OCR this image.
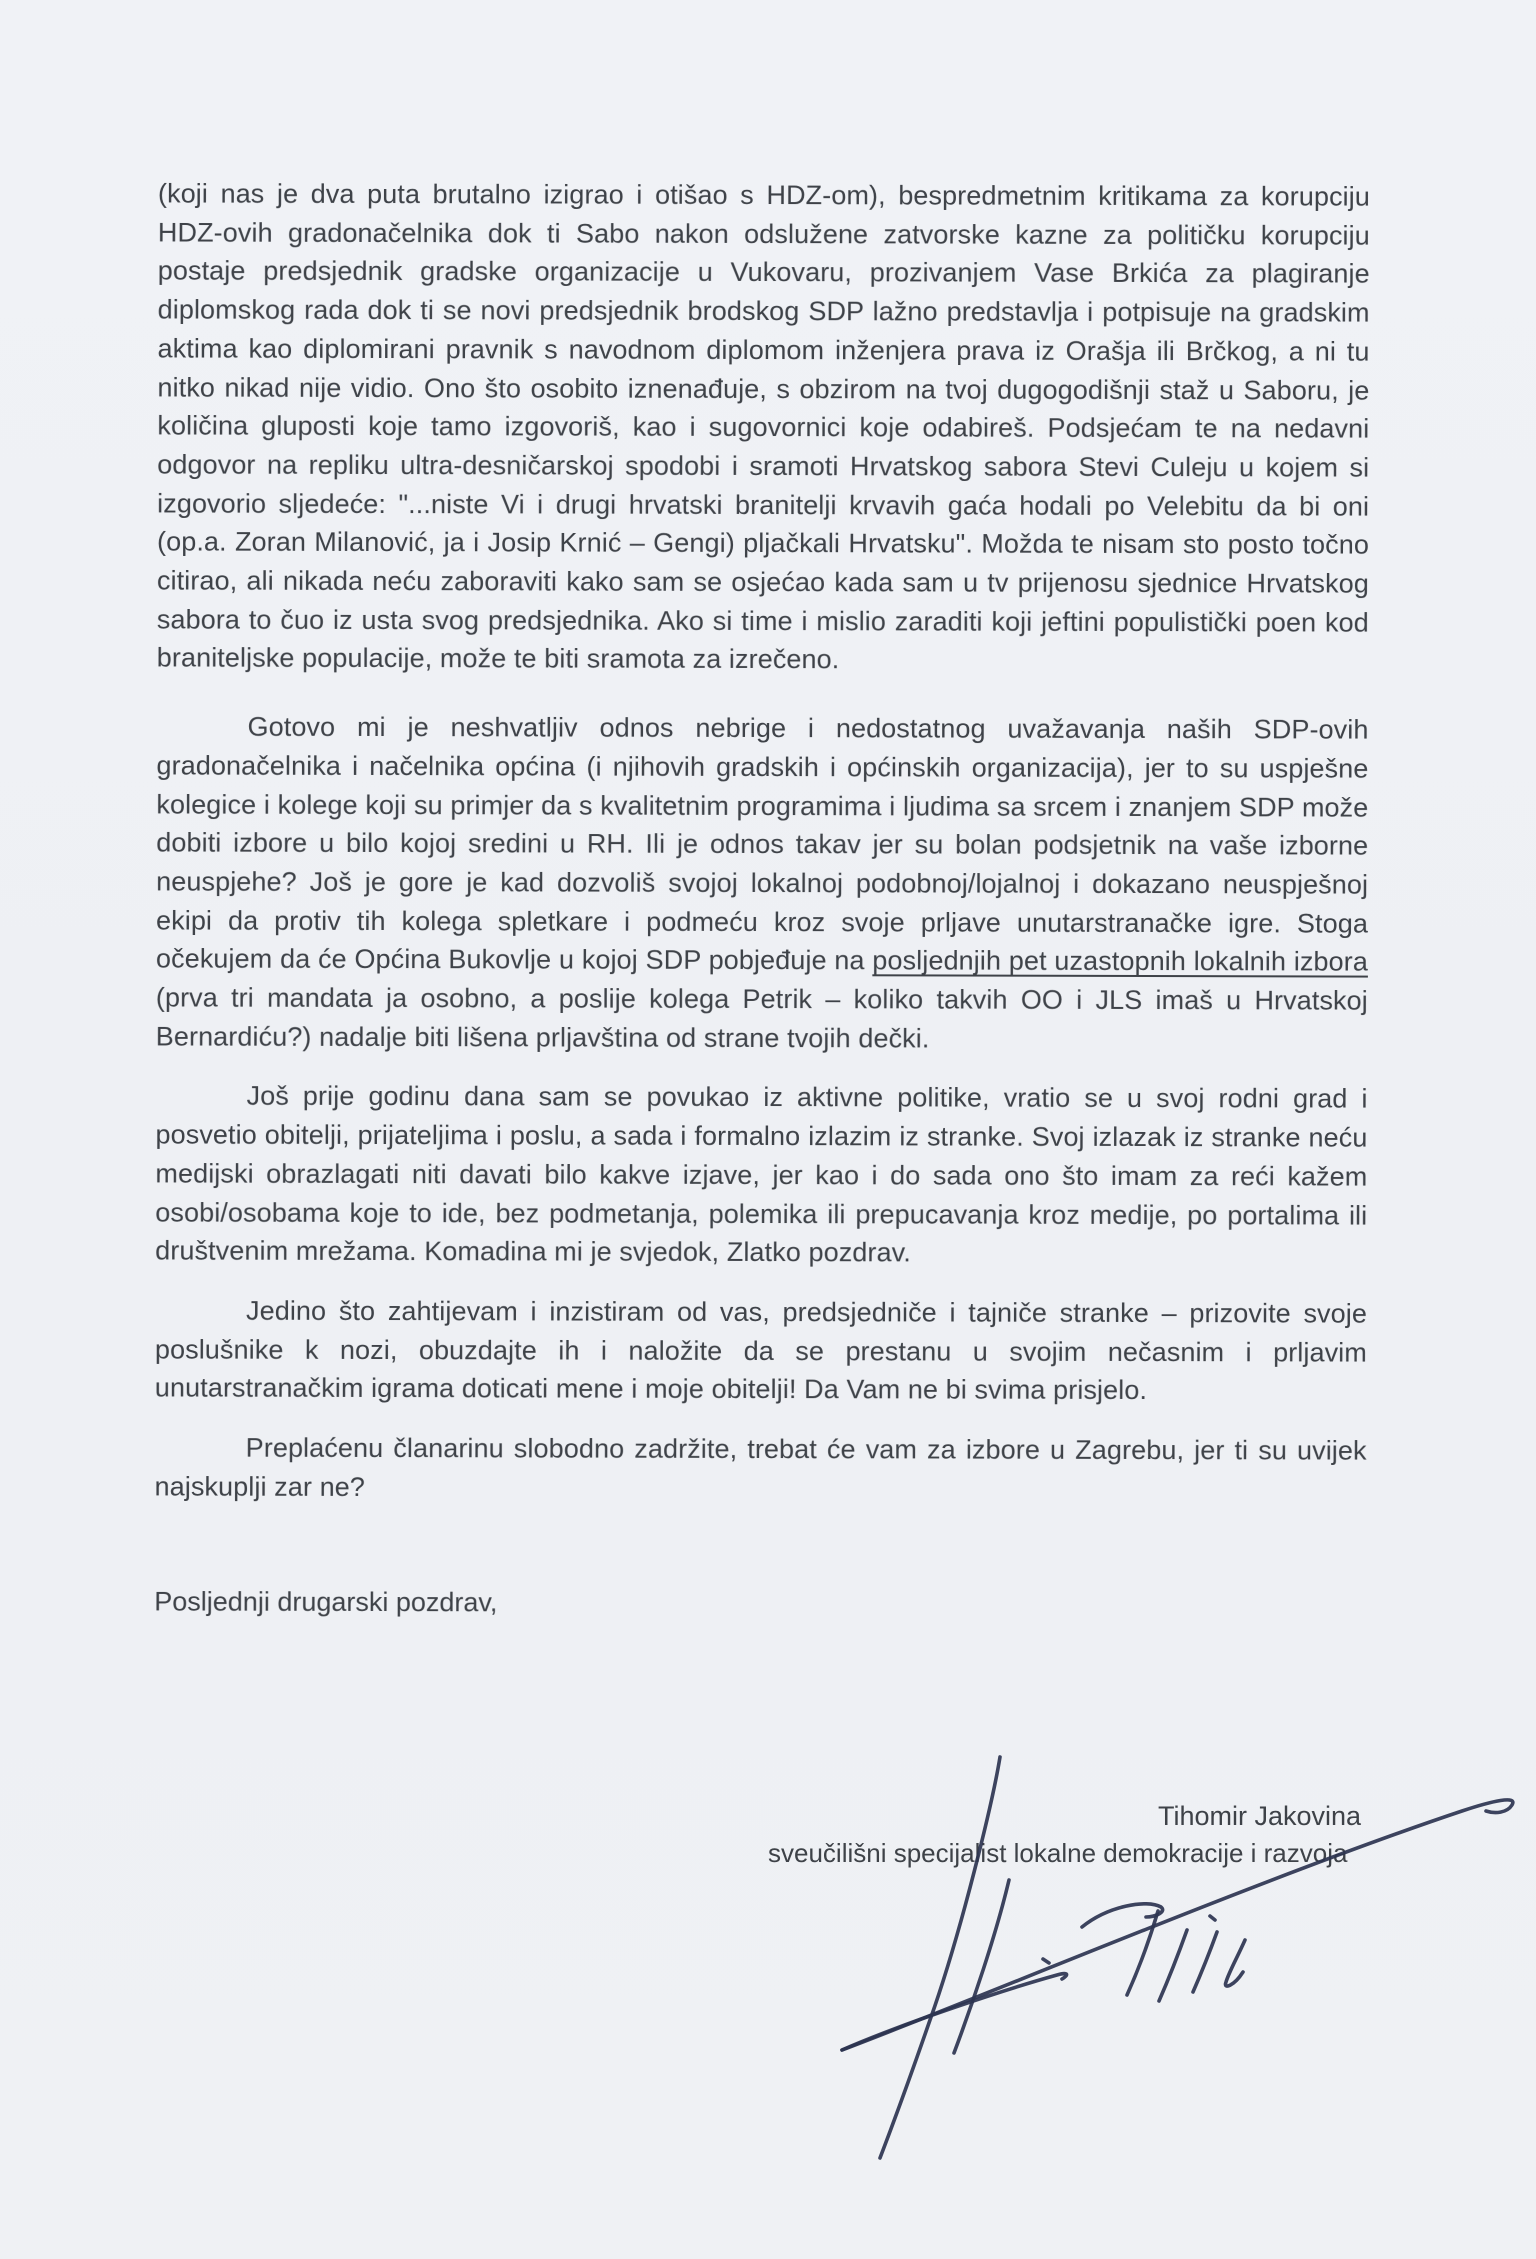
(koji nas je dva puta brutalno izigrao i otišao s HDZ-om), bespredmetnim kritikama za korupciju HDZ-ovih gradonačelnika dok ti Sabo nakon odslužene zatvorske kazne za političku korupciju postaje predsjednik gradske organizacije u Vukovaru, prozivanjem Vase Brkića za plagiranje diplomskog rada dok ti se novi predsjednik brodskog SDP lažno predstavlja i potpisuje na gradskim aktima kao diplomirani pravnik s navodnom diplomom inženjera prava iz Orašja ili Brčkog, a ni tu nitko nikad nije vidio. Ono što osobito iznenađuje, s obzirom na tvoj dugogodišnji staž u Saboru, je količina gluposti koje tamo izgovoriš, kao i sugovornici koje odabireš. Podsjećam te na nedavni odgovor na repliku ultra-desničarskoj spodobi i sramoti Hrvatskog sabora Stevi Culeju u kojem si izgovorio sljedeće: "...niste Vi i drugi hrvatski branitelji krvavih gaća hodali po Velebitu da bi oni (op.a. Zoran Milanović, ja i Josip Krnić – Gengi) pljačkali Hrvatsku". Možda te nisam sto posto točno citirao, ali nikada neću zaboraviti kako sam se osjećao kada sam u tv prijenosu sjednice Hrvatskog sabora to čuo iz usta svog predsjednika. Ako si time i mislio zaraditi koji jeftini populistički poen kod braniteljske populacije, može te biti sramota za izrečeno.

Gotovo mi je neshvatljiv odnos nebrige i nedostatnog uvažavanja naših SDP-ovih gradonačelnika i načelnika općina (i njihovih gradskih i općinskih organizacija), jer to su uspješne kolegice i kolege koji su primjer da s kvalitetnim programima i ljudima sa srcem i znanjem SDP može dobiti izbore u bilo kojoj sredini u RH. Ili je odnos takav jer su bolan podsjetnik na vaše izborne neuspjehe? Još je gore je kad dozvoliš svojoj lokalnoj podobnoj/lojalnoj i dokazano neuspješnoj ekipi da protiv tih kolega spletkare i podmeću kroz svoje prljave unutarstranačke igre. Stoga očekujem da će Općina Bukovlje u kojoj SDP pobjeđuje na posljednjih pet uzastopnih lokalnih izbora (prva tri mandata ja osobno, a poslije kolega Petrik – koliko takvih OO i JLS imaš u Hrvatskoj Bernardiću?) nadalje biti lišena prljavština od strane tvojih dečki.

Još prije godinu dana sam se povukao iz aktivne politike, vratio se u svoj rodni grad i posvetio obitelji, prijateljima i poslu, a sada i formalno izlazim iz stranke. Svoj izlazak iz stranke neću medijski obrazlagati niti davati bilo kakve izjave, jer kao i do sada ono što imam za reći kažem osobi/osobama koje to ide, bez podmetanja, polemika ili prepucavanja kroz medije, po portalima ili društvenim mrežama. Komadina mi je svjedok, Zlatko pozdrav.

Jedino što zahtijevam i inzistiram od vas, predsjedniče i tajniče stranke – prizovite svoje poslušnike k nozi, obuzdajte ih i naložite da se prestanu u svojim nečasnim i prljavim unutarstranačkim igrama doticati mene i moje obitelji! Da Vam ne bi svima prisjelo.

Preplaćenu članarinu slobodno zadržite, trebat će vam za izbore u Zagrebu, jer ti su uvijek najskuplji zar ne?

Posljednji drugarski pozdrav,

Tihomir Jakovina
sveučilišni specijalist lokalne demokracije i razvoja
